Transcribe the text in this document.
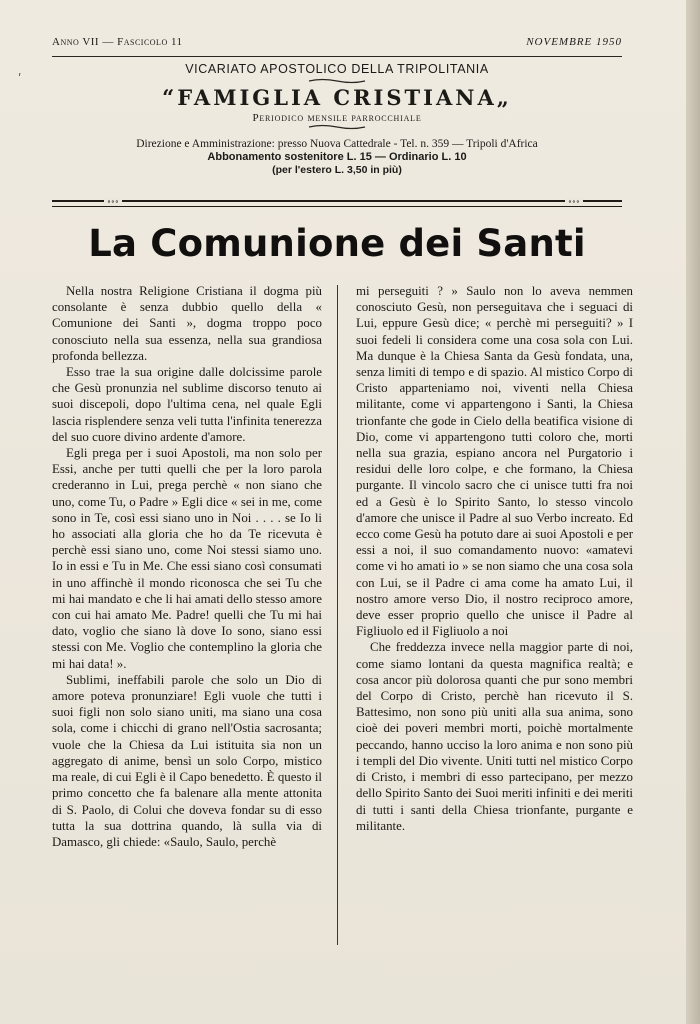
ʹ
Anno VII — Fascicolo 11	NOVEMBRE 1950
VICARIATO APOSTOLICO DELLA TRIPOLITANIA
“FAMIGLIA CRISTIANA„
Periodico mensile parrocchiale
Direzione e Amministrazione: presso Nuova Cattedrale - Tel. n. 359 — Tripoli d'Africa
Abbonamento sostenitore L. 15 — Ordinario L. 10
(per l'estero L. 3,50 in più)
∘∘∘	∘∘∘
La Comunione dei Santi

Nella nostra Religione Cristiana il dogma più consolante è senza dubbio quello della « Comunione dei Santi », dogma troppo poco conosciuto nella sua essenza, nella sua grandiosa profonda bellezza.

Esso trae la sua origine dalle dolcissime parole che Gesù pronunzia nel sublime discorso tenuto ai suoi discepoli, dopo l'ultima cena, nel quale Egli lascia risplendere senza veli tutta l'infinita tenerezza del suo cuore divino ardente d'amore.

Egli prega per i suoi Apostoli, ma non solo per Essi, anche per tutti quelli che per la loro parola crederanno in Lui, prega perchè « non siano che uno, come Tu, o Padre » Egli dice « sei in me, come sono in Te, così essi siano uno in Noi . . . . se Io li ho associati alla gloria che ho da Te ricevuta è perchè essi siano uno, come Noi stessi siamo uno. Io in essi e Tu in Me. Che essi siano così consumati in uno affinchè il mondo riconosca che sei Tu che mi hai mandato e che li hai amati dello stesso amore con cui hai amato Me. Padre! quelli che Tu mi hai dato, voglio che siano là dove Io sono, siano essi stessi con Me. Voglio che contemplino la gloria che mi hai data! ».

Sublimi, ineffabili parole che solo un Dio di amore poteva pronunziare! Egli vuole che tutti i suoi figli non solo siano uniti, ma siano una cosa sola, come i chicchi di grano nell'Ostia sacrosanta; vuole che la Chiesa da Lui istituita sia non un aggregato di anime, bensì un solo Corpo, mistico ma reale, di cui Egli è il Capo benedetto. È questo il primo concetto che fa balenare alla mente attonita di S. Paolo, di Colui che doveva fondar su di esso tutta la sua dottrina quando, là sulla via di Damasco, gli chiede: «Saulo, Saulo, perchè

mi perseguiti ? » Saulo non lo aveva nemmen conosciuto Gesù, non perseguitava che i seguaci di Lui, eppure Gesù dice; « perchè mi perseguiti? » I suoi fedeli li considera come una cosa sola con Lui. Ma dunque è la Chiesa Santa da Gesù fondata, una, senza limiti di tempo e di spazio. Al mistico Corpo di Cristo apparteniamo noi, viventi nella Chiesa militante, come vi appartengono i Santi, la Chiesa trionfante che gode in Cielo della beatifica visione di Dio, come vi appartengono tutti coloro che, morti nella sua grazia, espiano ancora nel Purgatorio i residui delle loro colpe, e che formano, la Chiesa purgante. Il vincolo sacro che ci unisce tutti fra noi ed a Gesù è lo Spirito Santo, lo stesso vincolo d'amore che unisce il Padre al suo Verbo increato. Ed ecco come Gesù ha potuto dare ai suoi Apostoli e per essi a noi, il suo comandamento nuovo: «amatevi come vi ho amati io » se non siamo che una cosa sola con Lui, se il Padre ci ama come ha amato Lui, il nostro amore verso Dio, il nostro reciproco amore, deve esser proprio quello che unisce il Padre al Figliuolo ed il Figliuolo a noi

Che freddezza invece nella maggior parte di noi, come siamo lontani da questa magnifica realtà; e cosa ancor più dolorosa quanti che pur sono membri del Corpo di Cristo, perchè han ricevuto il S. Battesimo, non sono più uniti alla sua anima, sono cioè dei poveri membri morti, poichè mortalmente peccando, hanno ucciso la loro anima e non sono più i templi del Dio vivente. Uniti tutti nel mistico Corpo di Cristo, i membri di esso partecipano, per mezzo dello Spirito Santo dei Suoi meriti infiniti e dei meriti di tutti i santi della Chiesa trionfante, purgante e militante.
